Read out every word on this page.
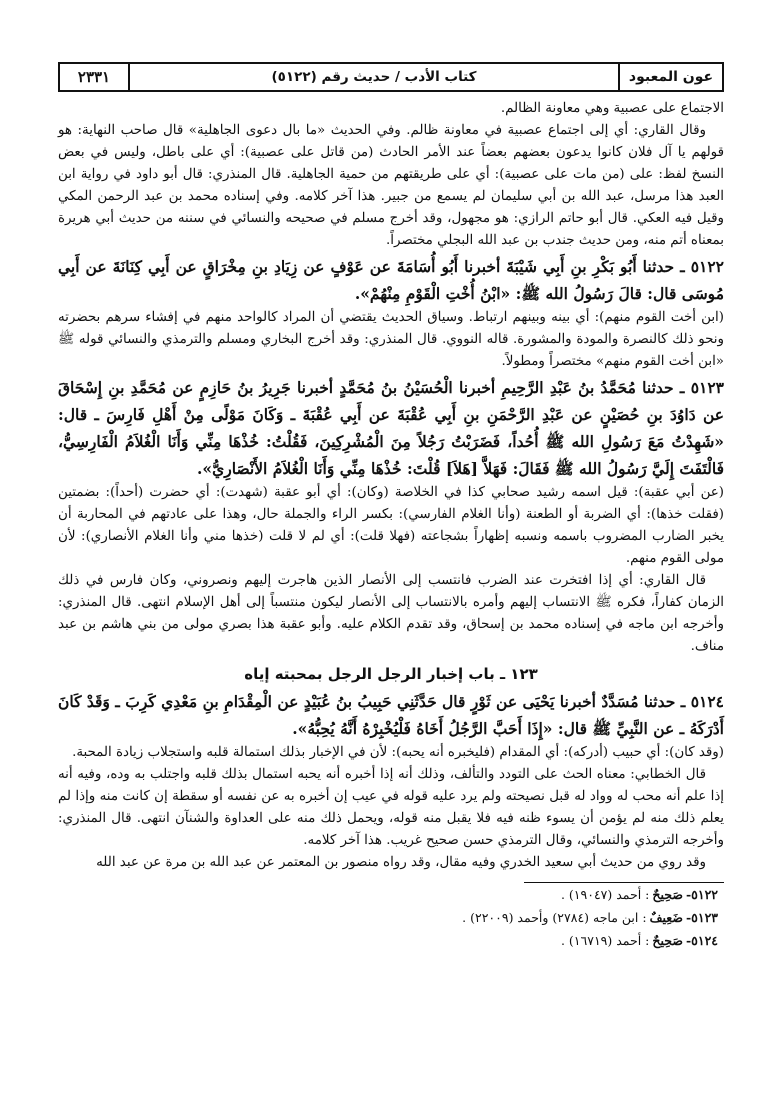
عون المعبود
كتاب الأدب / حديث رقم (٥١٢٢)
٢٣٣١

الاجتماع على عصبية وهي معاونة الظالم.

وقال القاري: أي إلى اجتماع عصبية في معاونة ظالم. وفي الحديث «ما بال دعوى الجاهلية» قال صاحب النهاية: هو قولهم يا آل فلان كانوا يدعون بعضهم بعضاً عند الأمر الحادث (من قاتل على عصبية): أي على باطل، وليس في بعض النسخ لفظ: على (من مات على عصبية): أي على طريقتهم من حمية الجاهلية. قال المنذري: قال أبو داود في رواية ابن العبد هذا مرسل، عبد الله بن أبي سليمان لم يسمع من جبير. هذا آخر كلامه. وفي إسناده محمد بن عبد الرحمن المكي وقيل فيه العكي. قال أبو حاتم الرازي: هو مجهول، وقد أخرج مسلم في صحيحه والنسائي في سننه من حديث أبي هريرة بمعناه أتم منه، ومن حديث جندب بن عبد الله البجلي مختصراً.

٥١٢٢ ـ حدثنا أَبُو بَكْرِ بنِ أَبِي شَيْبَةَ أخبرنا أَبُو أُسَامَةَ عن عَوْفٍ عن زِيَادِ بنِ مِخْرَاقٍ عن أَبِي كِنَانَةَ عن أَبِي مُوسَى قال: قالَ رَسُولُ الله ﷺ: «ابْنُ أُخْتِ الْقَوْمِ مِنْهُمْ».

(ابن أخت القوم منهم): أي بينه وبينهم ارتباط. وسياق الحديث يقتضي أن المراد كالواحد منهم في إفشاء سرهم بحضرته ونحو ذلك كالنصرة والمودة والمشورة. قاله النووي. قال المنذري: وقد أخرج البخاري ومسلم والترمذي والنسائي قوله ﷺ «ابن أخت القوم منهم» مختصراً ومطولاً.

٥١٢٣ ـ حدثنا مُحَمَّدُ بنُ عَبْدِ الرَّحِيمِ أخبرنا الْحُسَيْنُ بنُ مُحَمَّدٍ أخبرنا جَرِيرُ بنُ حَازِمٍ عن مُحَمَّدِ بنِ إِسْحَاقَ عن دَاوُدَ بنِ حُصَيْنٍ عن عَبْدِ الرَّحْمَنِ بنِ أَبِي عُقْبَةَ عن أَبِي عُقْبَةَ ـ وَكَانَ مَوْلًى مِنْ أَهْلِ فَارِسَ ـ قال: «شَهِدْتُ مَعَ رَسُولِ الله ﷺ أُحُداً، فَضَرَبْتُ رَجُلاً مِنَ الْمُشْرِكِينَ، فَقُلْتُ: خُذْهَا مِنِّي وَأَنَا الْغُلاَمُ الْفَارِسِيُّ، فَالْتَفَتَ إِلَيَّ رَسُولُ الله ﷺ فَقَالَ: فَهَلاَّ [هَلاَ] قُلْتَ: خُذْهَا مِنِّي وَأَنَا الْغُلاَمُ الأَنْصَارِيُّ».

(عن أبي عقبة): قيل اسمه رشيد صحابي كذا في الخلاصة (وكان): أي أبو عقبة (شهدت): أي حضرت (أحداً): بضمتين (فقلت خذها): أي الضربة أو الطعنة (وأنا الغلام الفارسي): بكسر الراء والجملة حال، وهذا على عادتهم في المحاربة أن يخبر الضارب المضروب باسمه ونسبه إظهاراً بشجاعته (فهلا قلت): أي لم لا قلت (خذها مني وأنا الغلام الأنصاري): لأن مولى القوم منهم.

قال القاري: أي إذا افتخرت عند الضرب فانتسب إلى الأنصار الذين هاجرت إليهم ونصروني، وكان فارس في ذلك الزمان كفاراً، فكره ﷺ الانتساب إليهم وأمره بالانتساب إلى الأنصار ليكون منتسباً إلى أهل الإسلام انتهى. قال المنذري: وأخرجه ابن ماجه في إسناده محمد بن إسحاق، وقد تقدم الكلام عليه. وأبو عقبة هذا بصري مولى من بني هاشم بن عبد مناف.

١٢٣ ـ باب إخبار الرجل الرجل بمحبته إياه

٥١٢٤ ـ حدثنا مُسَدَّدٌ أخبرنا يَحْيَى عن ثَوْرٍ قال حَدَّثَنِي حَبِيبُ بنُ عُبَيْدٍ عن الْمِقْدَامِ بنِ مَعْدِي كَرِبَ ـ وَقَدْ كَانَ أَدْرَكَهُ ـ عن النَّبِيِّ ﷺ قال: «إِذَا أَحَبَّ الرَّجُلُ أَخَاهُ فَلْيُخْبِرْهُ أَنَّهُ يُحِبُّهُ».

(وقد كان): أي حبيب (أدركه): أي المقدام (فليخبره أنه يحبه): لأن في الإخبار بذلك استمالة قلبه واستجلاب زيادة المحبة.

قال الخطابي: معناه الحث على التودد والتألف، وذلك أنه إذا أخبره أنه يحبه استمال بذلك قلبه واجتلب به وده، وفيه أنه إذا علم أنه محب له وواد له قبل نصيحته ولم يرد عليه قوله في عيب إن أخبره به عن نفسه أو سقطة إن كانت منه وإذا لم يعلم ذلك منه لم يؤمن أن يسوء ظنه فيه فلا يقبل منه قوله، ويحمل ذلك منه على العداوة والشنآن انتهى. قال المنذري: وأخرجه الترمذي والنسائي، وقال الترمذي حسن صحيح غريب. هذا آخر كلامه.

وقد روي من حديث أبي سعيد الخدري وفيه مقال، وقد رواه منصور بن المعتمر عن عبد الله بن مرة عن عبد الله

٥١٢٢-صَحِيحٌ: أحمد (١٩٠٤٧) .
٥١٢٣-ضَعِيفٌ: ابن ماجه (٢٧٨٤) وأحمد (٢٢٠٠٩) .
٥١٢٤-صَحِيحٌ: أحمد (١٦٧١٩) .
